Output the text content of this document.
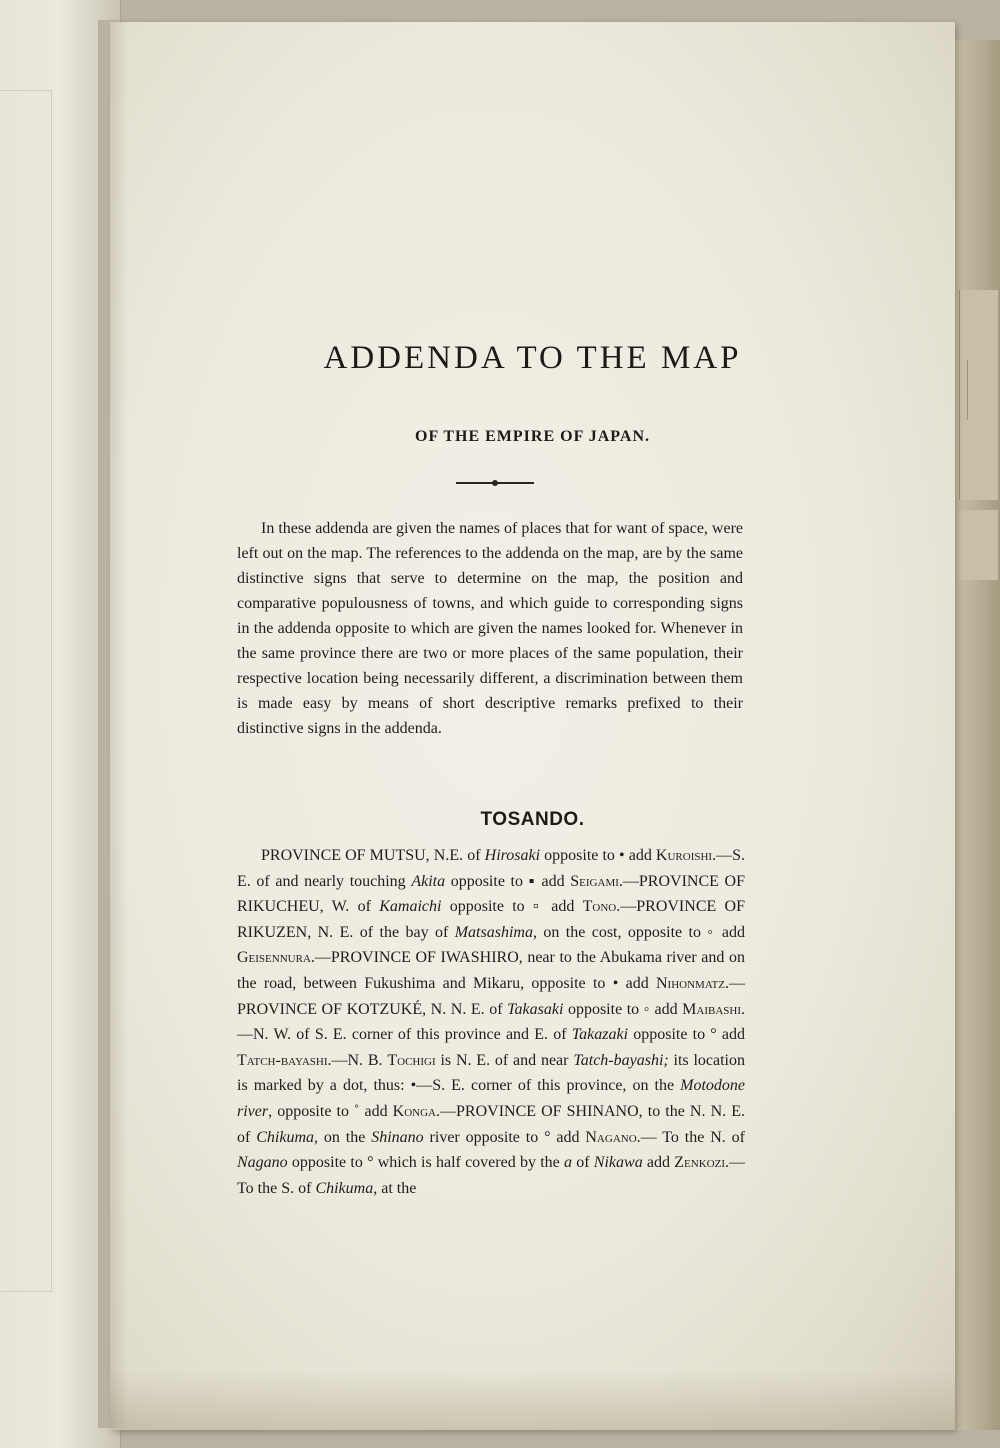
ADDENDA TO THE MAP
OF THE EMPIRE OF JAPAN.

In these addenda are given the names of places that for want of space, were left out on the map. The references to the addenda on the map, are by the same distinctive signs that serve to determine on the map, the position and comparative populousness of towns, and which guide to corresponding signs in the addenda opposite to which are given the names looked for. Whenever in the same province there are two or more places of the same population, their respective location being necessarily different, a discrimination between them is made easy by means of short descriptive remarks prefixed to their distinctive signs in the addenda.

TOSANDO.

PROVINCE OF MUTSU, N.E. of Hirosaki opposite to • add Kuroishi.—S. E. of and nearly touching Akita opposite to ▪ add Seigami.—PROVINCE OF RIKUCHEU, W. of Kamaichi opposite to ▫ add Tono.—PROVINCE OF RIKUZEN, N. E. of the bay of Matsashima, on the cost, opposite to ◦ add Geisennura.—PROVINCE OF IWASHIRO, near to the Abukama river and on the road, between Fukushima and Mikaru, opposite to • add Nihonmatz.—PROVINCE OF KOTZUKÉ, N. N. E. of Takasaki opposite to ◦ add Maibashi. —N. W. of S. E. corner of this province and E. of Takazaki opposite to ° add Tatch-bayashi.—N. B. Tochigi is N. E. of and near Tatch-bayashi; its location is marked by a dot, thus: •—S. E. corner of this province, on the Motodone river, opposite to ˚ add Konga.—PROVINCE OF SHINANO, to the N. N. E. of Chikuma, on the Shinano river opposite to ° add Nagano.— To the N. of Nagano opposite to ° which is half covered by the a of Nikawa add Zenkozi.—To the S. of Chikuma, at the
